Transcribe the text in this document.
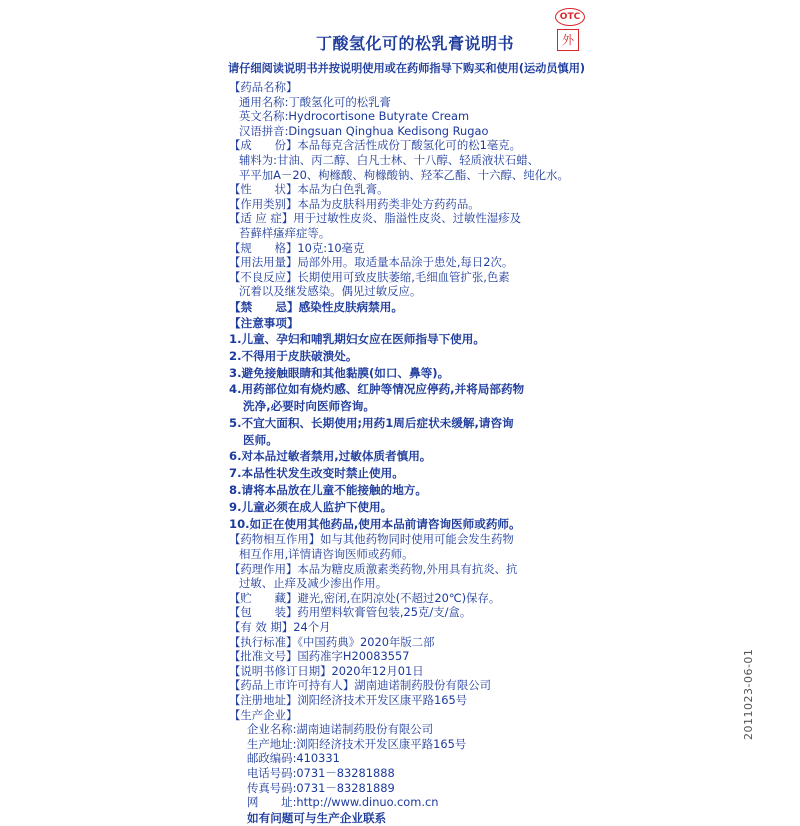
OTC
外
丁酸氢化可的松乳膏说明书
请仔细阅读说明书并按说明使用或在药师指导下购买和使用(运动员慎用)
【药品名称】
通用名称:丁酸氢化可的松乳膏
英文名称:Hydrocortisone Butyrate Cream
汉语拼音:Dingsuan Qinghua Kedisong Rugao
【成　　份】本品每克含活性成份丁酸氢化可的松1毫克。
辅料为:甘油、丙二醇、白凡士林、十八醇、轻质液状石蜡、
平平加A－20、枸橼酸、枸橼酸钠、羟苯乙酯、十六醇、纯化水。
【性　　状】本品为白色乳膏。
【作用类别】本品为皮肤科用药类非处方药药品。
【适 应 症】用于过敏性皮炎、脂溢性皮炎、过敏性湿疹及
苔藓样瘙痒症等。
【规　　格】10克:10毫克
【用法用量】局部外用。取适量本品涂于患处,每日2次。
【不良反应】长期使用可致皮肤萎缩,毛细血管扩张,色素
沉着以及继发感染。偶见过敏反应。
【禁　　忌】感染性皮肤病禁用。
【注意事项】
1.儿童、孕妇和哺乳期妇女应在医师指导下使用。
2.不得用于皮肤破溃处。
3.避免接触眼睛和其他黏膜(如口、鼻等)。
4.用药部位如有烧灼感、红肿等情况应停药,并将局部药物
洗净,必要时向医师咨询。
5.不宜大面积、长期使用;用药1周后症状未缓解,请咨询
医师。
6.对本品过敏者禁用,过敏体质者慎用。
7.本品性状发生改变时禁止使用。
8.请将本品放在儿童不能接触的地方。
9.儿童必须在成人监护下使用。
10.如正在使用其他药品,使用本品前请咨询医师或药师。
【药物相互作用】如与其他药物同时使用可能会发生药物
相互作用,详情请咨询医师或药师。
【药理作用】本品为糖皮质激素类药物,外用具有抗炎、抗
过敏、止痒及减少渗出作用。
【贮　　藏】避光,密闭,在阴凉处(不超过20℃)保存。
【包　　装】药用塑料软膏管包装,25克/支/盒。
【有 效 期】24个月
【执行标准】《中国药典》2020年版二部
【批准文号】国药准字H20083557
【说明书修订日期】2020年12月01日
【药品上市许可持有人】湖南迪诺制药股份有限公司
【注册地址】浏阳经济技术开发区康平路165号
【生产企业】
企业名称:湖南迪诺制药股份有限公司
生产地址:浏阳经济技术开发区康平路165号
邮政编码:410331
电话号码:0731－83281888
传真号码:0731－83281889
网　　址:http://www.dinuo.com.cn
如有问题可与生产企业联系
2011023-06-01
